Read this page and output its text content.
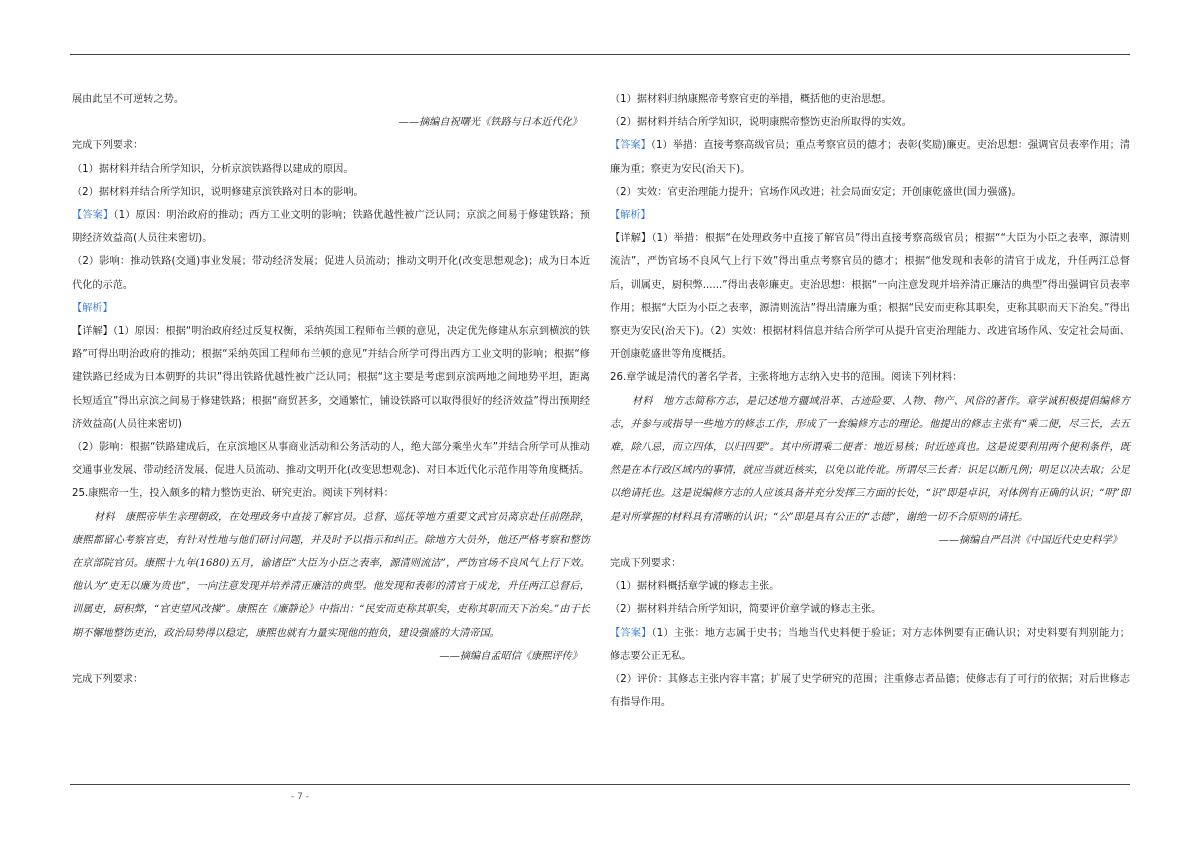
展由此呈不可逆转之势。

——摘编自祝曙光《铁路与日本近代化》

完成下列要求：

（1）据材料并结合所学知识，分析京滨铁路得以建成的原因。

（2）据材料并结合所学知识，说明修建京滨铁路对日本的影响。

【答案】（1）原因：明治政府的推动；西方工业文明的影响；铁路优越性被广泛认同；京滨之间易于修建铁路；预期经济效益高(人员往来密切)。

（2）影响：推动铁路(交通)事业发展；带动经济发展；促进人员流动；推动文明开化(改变思想观念)；成为日本近代化的示范。

【解析】

【详解】（1）原因：根据“明治政府经过反复权衡，采纳英国工程师布兰顿的意见，决定优先修建从东京到横滨的铁路”可得出明治政府的推动；根据“采纳英国工程师布兰顿的意见”并结合所学可得出西方工业文明的影响；根据“修建铁路已经成为日本朝野的共识”得出铁路优越性被广泛认同；根据“这主要是考虑到京滨两地之间地势平坦，距离长短适宜”得出京滨之间易于修建铁路；根据“商贸甚多，交通繁忙，铺设铁路可以取得很好的经济效益”得出预期经济效益高(人员往来密切)

（2）影响：根据“铁路建成后，在京滨地区从事商业活动和公务活动的人，绝大部分乘坐火车”并结合所学可从推动交通事业发展、带动经济发展、促进人员流动、推动文明开化(改变思想观念)、对日本近代化示范作用等角度概括。

25.康熙帝一生，投入颇多的精力整饬吏治、研究吏治。阅读下列材料：

材料　康熙帝毕生亲理朝政，在处理政务中直接了解官员。总督、巡抚等地方重要文武官员离京赴任前陛辞，康熙都留心考察官吏，有针对性地与他们研讨问题，并及时予以指示和纠正。除地方大员外，他还严格考察和整饬在京部院官员。康熙十九年(1680)五月，谕诸臣“大臣为小臣之表率，源清则流洁”，严饬官场不良风气上行下效。他认为“吏无以廉为贵也”，一向注意发现并培养清正廉洁的典型。他发现和表彰的清官于成龙，升任两江总督后，训属吏，厨积弊，“官吏望风改操”。康熙在《廉静论》中指出：“民安而吏称其职矣，吏称其职而天下治矣。”由于长期不懈地整饬吏治，政治局势得以稳定，康熙也就有力量实现他的抱负，建设强盛的大清帝国。

——摘编自孟昭信《康熙评传》

完成下列要求：

（1）据材料归纳康熙帝考察官吏的举措，概括他的吏治思想。

（2）据材料并结合所学知识，说明康熙帝整饬吏治所取得的实效。

【答案】（1）举措：直接考察高级官员；重点考察官员的德才；表彰(奖励)廉吏。吏治思想：强调官员表率作用；清廉为重；察吏为安民(治天下)。

（2）实效：官吏治理能力提升；官场作风改进；社会局面安定；开创康乾盛世(国力强盛)。

【解析】

【详解】（1）举措：根据“在处理政务中直接了解官员”得出直接考察高级官员；根据““大臣为小臣之表率，源清则流洁”，严饬官场不良风气上行下效”得出重点考察官员的德才；根据“他发现和表彰的清官于成龙，升任两江总督后，训属吏，厨积弊......”得出表彰廉吏。吏治思想：根据“一向注意发现并培养清正廉洁的典型”得出强调官员表率作用；根据“大臣为小臣之表率，源清则流洁”得出清廉为重；根据“民安而吏称其职矣，吏称其职而天下治矣。”得出察吏为安民(治天下)。（2）实效：根据材料信息并结合所学可从提升官吏治理能力、改进官场作风、安定社会局面、开创康乾盛世等角度概括。

26.章学诚是清代的著名学者，主张将地方志纳入史书的范围。阅读下列材料：

材料　地方志简称方志，是记述地方疆域沿革、古迹险要、人物、物产、风俗的著作。章学诚积极提倡编修方志，并参与或指导一些地方的修志工作，形成了一套编修方志的理论。他提出的修志主张有“乘二便，尽三长，去五难，除八忌，而立四体，以归四要”。其中所谓乘二便者：地近易核；时近迹真也。这是说要利用两个便利条件，既然是在本行政区域内的事情，就应当就近核实，以免以讹传讹。所谓尽三长者：识足以断凡例；明足以决去取；公足以绝请托也。这是说编修方志的人应该具备并充分发挥三方面的长处，“识”即是卓识，对体例有正确的认识；“明”即是对所掌握的材料具有清晰的认识；“公”即是具有公正的“志德”，谢绝一切不合原则的请托。

——摘编自严昌洪《中国近代史史料学》

完成下列要求：

（1）据材料概括章学诚的修志主张。

（2）据材料并结合所学知识，简要评价章学诚的修志主张。

【答案】（1）主张：地方志属于史书；当地当代史料便于验证；对方志体例要有正确认识；对史料要有判别能力；修志要公正无私。

（2）评价：其修志主张内容丰富；扩展了史学研究的范围；注重修志者品德；使修志有了可行的依据；对后世修志有指导作用。

- 7 -
